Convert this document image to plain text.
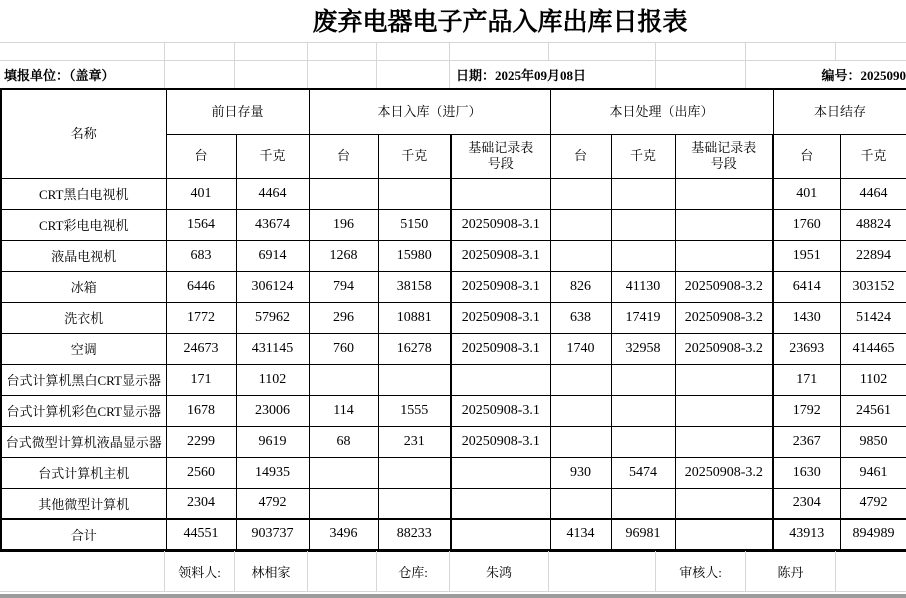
废弃电器电子产品入库出库日报表
填报单位：（盖章）	日期：2025年09月08日	编号：2025090
名称	前日存量		本日入库（进厂）			本日处理（出库）			本日结存	
	台	千克	台	千克	基础记录表号段	台	千克	基础记录表号段	台	千克
CRT黑白电视机	401	4464							401	4464
CRT彩电电视机	1564	43674	196	5150	20250908-3.1				1760	48824
液晶电视机	683	6914	1268	15980	20250908-3.1				1951	22894
冰箱	6446	306124	794	38158	20250908-3.1	826	41130	20250908-3.2	6414	303152
洗衣机	1772	57962	296	10881	20250908-3.1	638	17419	20250908-3.2	1430	51424
空调	24673	431145	760	16278	20250908-3.1	1740	32958	20250908-3.2	23693	414465
台式计算机黑白CRT显示器	171	1102							171	1102
台式计算机彩色CRT显示器	1678	23006	114	1555	20250908-3.1				1792	24561
台式微型计算机液晶显示器	2299	9619	68	231	20250908-3.1				2367	9850
台式计算机主机	2560	14935				930	5474	20250908-3.2	1630	9461
其他微型计算机	2304	4792							2304	4792
合计	44551	903737	3496	88233		4134	96981		43913	894989
领料人:	林相家	仓库:	朱鸿	审核人:	陈丹
